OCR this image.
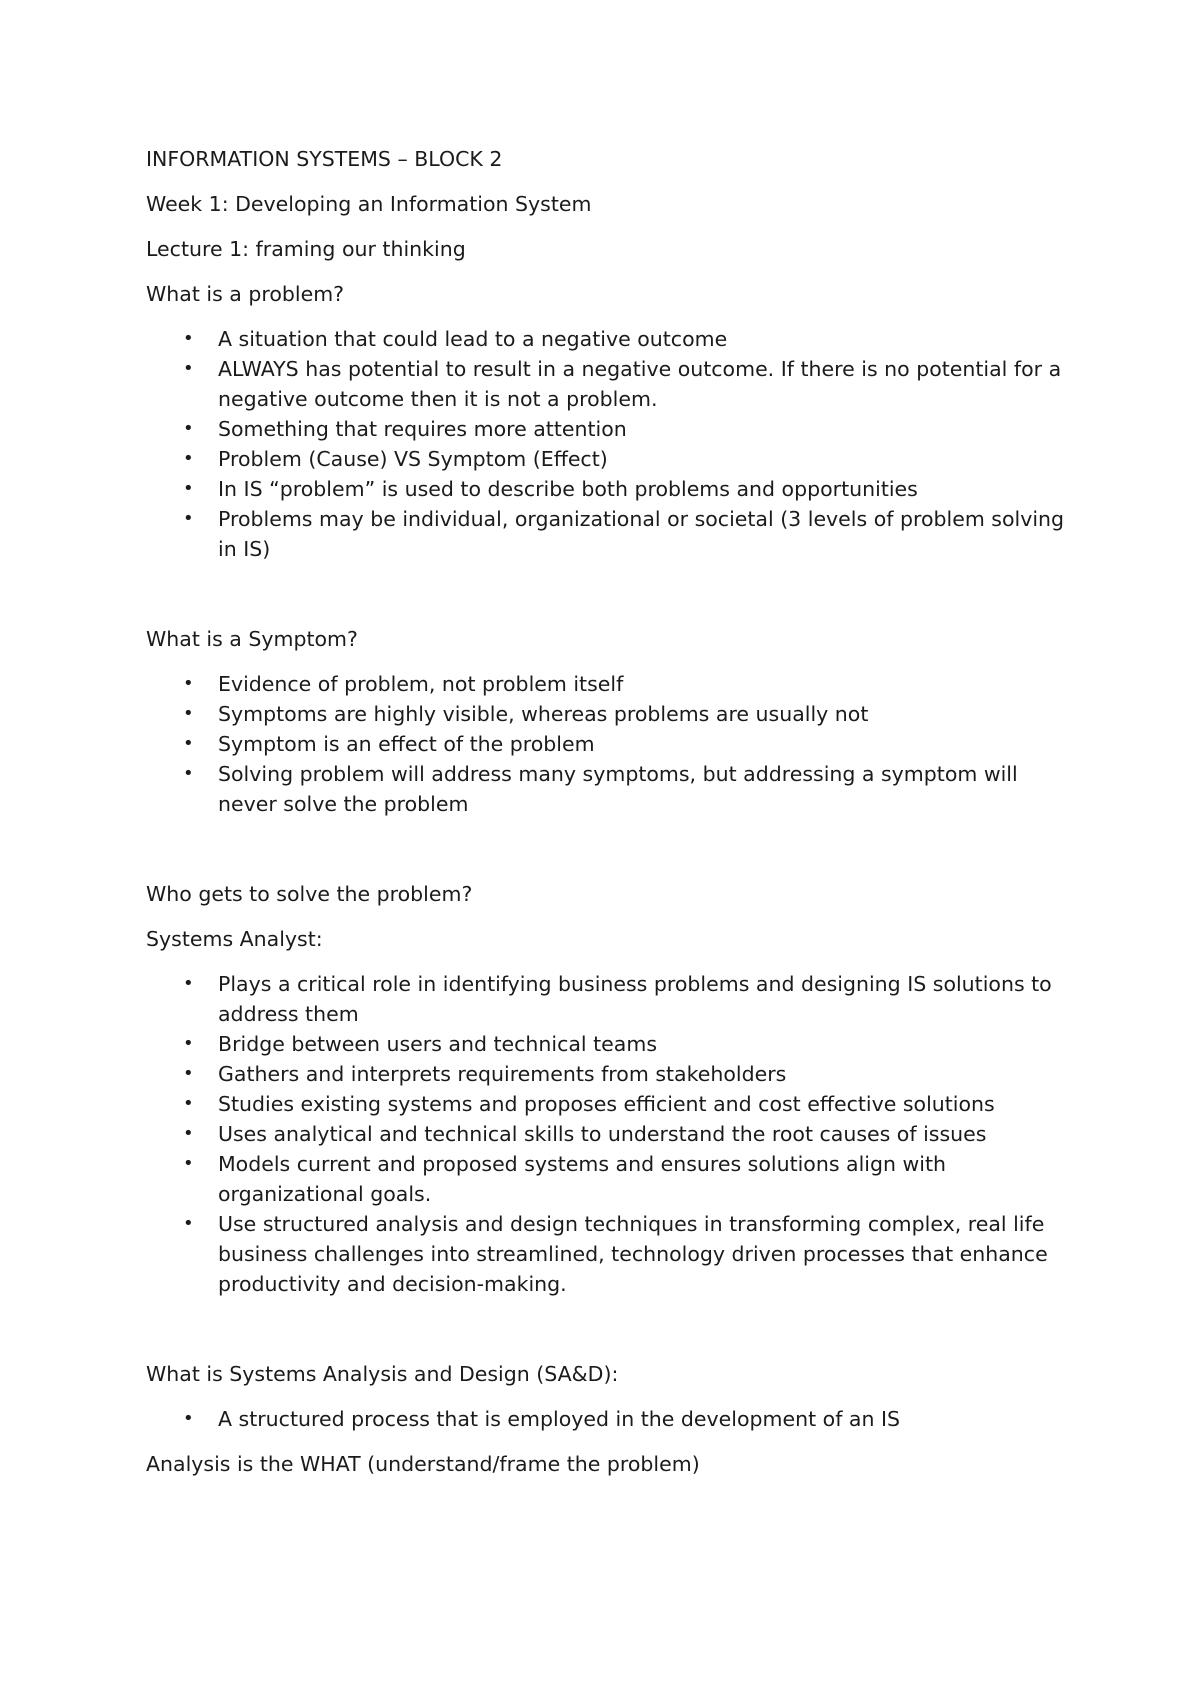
INFORMATION SYSTEMS – BLOCK 2

Week 1: Developing an Information System

Lecture 1: framing our thinking

What is a problem?

• A situation that could lead to a negative outcome
• ALWAYS has potential to result in a negative outcome. If there is no potential for a negative outcome then it is not a problem.
• Something that requires more attention
• Problem (Cause) VS Symptom (Effect)
• In IS “problem” is used to describe both problems and opportunities
• Problems may be individual, organizational or societal (3 levels of problem solving in IS)

What is a Symptom?

• Evidence of problem, not problem itself
• Symptoms are highly visible, whereas problems are usually not
• Symptom is an effect of the problem
• Solving problem will address many symptoms, but addressing a symptom will never solve the problem

Who gets to solve the problem?

Systems Analyst:

• Plays a critical role in identifying business problems and designing IS solutions to address them
• Bridge between users and technical teams
• Gathers and interprets requirements from stakeholders
• Studies existing systems and proposes efficient and cost effective solutions
• Uses analytical and technical skills to understand the root causes of issues
• Models current and proposed systems and ensures solutions align with organizational goals.
• Use structured analysis and design techniques in transforming complex, real life business challenges into streamlined, technology driven processes that enhance productivity and decision-making.

What is Systems Analysis and Design (SA&D):

• A structured process that is employed in the development of an IS

Analysis is the WHAT (understand/frame the problem)
